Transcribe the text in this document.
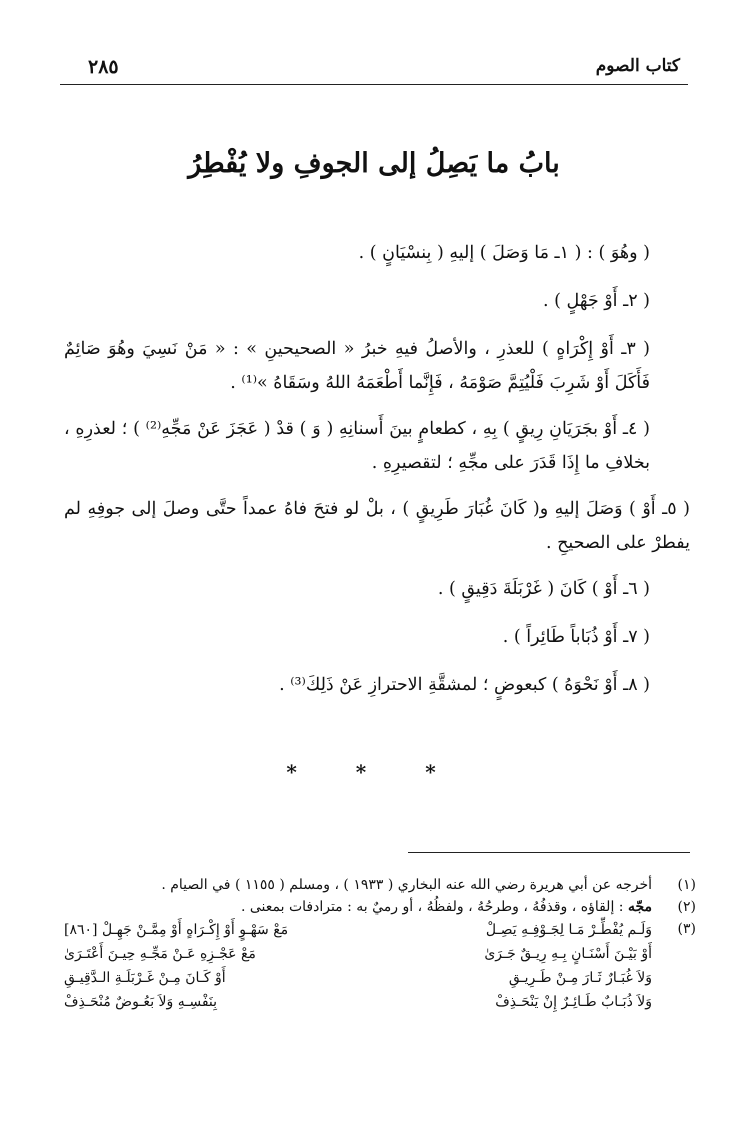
كتاب الصوم
٢٨٥
بابُ ما يَصِلُ إلى الجوفِ ولا يُفْطِرُ

( وهُوَ ) : ( ١ـ مَا وَصَلَ ) إليهِ ( بِنسْيَانٍ ) .

( ٢ـ أَوْ جَهْلٍ ) .

( ٣ـ أَوْ إِكْرَاهٍ ) للعذرِ ، والأصلُ فيهِ خبرُ « الصحيحينِ » : « مَنْ نَسِيَ وهُوَ صَائِمٌ فَأَكَلَ أَوْ شَرِبَ فَلْيُتِمَّ صَوْمَهُ ، فَإِنَّما أَطْعَمَهُ اللهُ وسَقَاهُ »⁽¹⁾ .

( ٤ـ أَوْ بجَرَيَانِ رِيقٍ ) بِهِ ، كطعامٍ بينَ أَسنانِهِ ( وَ ) قدْ ( عَجَزَ عَنْ مَجِّهِ⁽²⁾ ) ؛ لعذرِهِ ، بخلافِ ما إِذَا قَدَرَ على مجِّهِ ؛ لتقصيرِهِ .

( ٥ـ أَوْ ) وَصَلَ إليهِ و( كَانَ غُبَارَ طَرِيقٍ ) ، بلْ لو فتحَ فاهُ عمداً حتَّى وصلَ إلى جوفِهِ لم يفطرْ على الصحيحِ .

( ٦ـ أَوْ ) كَانَ ( غَرْبَلَةَ دَقِيقٍ ) .

( ٧ـ أَوْ ذُبَاباً طَائِراً ) .

( ٨ـ أَوْ نَحْوَهُ ) كبعوضٍ ؛ لمشقَّةِ الاحترازِ عَنْ ذَلِكَ⁽³⁾ .

* * *
(١)
أخرجه عن أبي هريرة رضي الله عنه البخاري ( ١٩٣٣ ) ، ومسلم ( ١١٥٥ ) في الصيام .
(٢)
مجّه : إلقاؤه ، وقذفُهُ ، وطرحُهُ ، ولفظُهُ ، أو رميٌ به : مترادفات بمعنى .
(٣)
وَلَـم يُفْطِّـرْ مَـا لِجَـوْفِـهِ يَصِـلْ
مَعْ سَهْـوٍ أَوْ إِكْـرَاهٍ أَوْ مِمَّـنْ جَهِـلْ [٨٦٠]
أَوْ بَيْـنَ أَسْنَـانٍ بِـهِ رِيـقٌ جَـرَىٰ
مَعْ عَجْـزِهِ عَـنْ مَجِّـهِ حِيـنَ أَعْتَـرَىٰ
وَلاَ غُبَـارٌ ثَـارَ مِـنْ طَـرِيـقِ
أَوْ كَـانَ مِـنْ غَـرْبَلَـةِ الـدَّقِيـقِ
وَلاَ ذُبَـابٌ طَـائِـرٌ إِنْ يَنْحَـذِفْ
بِنَفْسِـهِ وَلاَ بَعُـوضٌ مُنْحَـذِفْ
